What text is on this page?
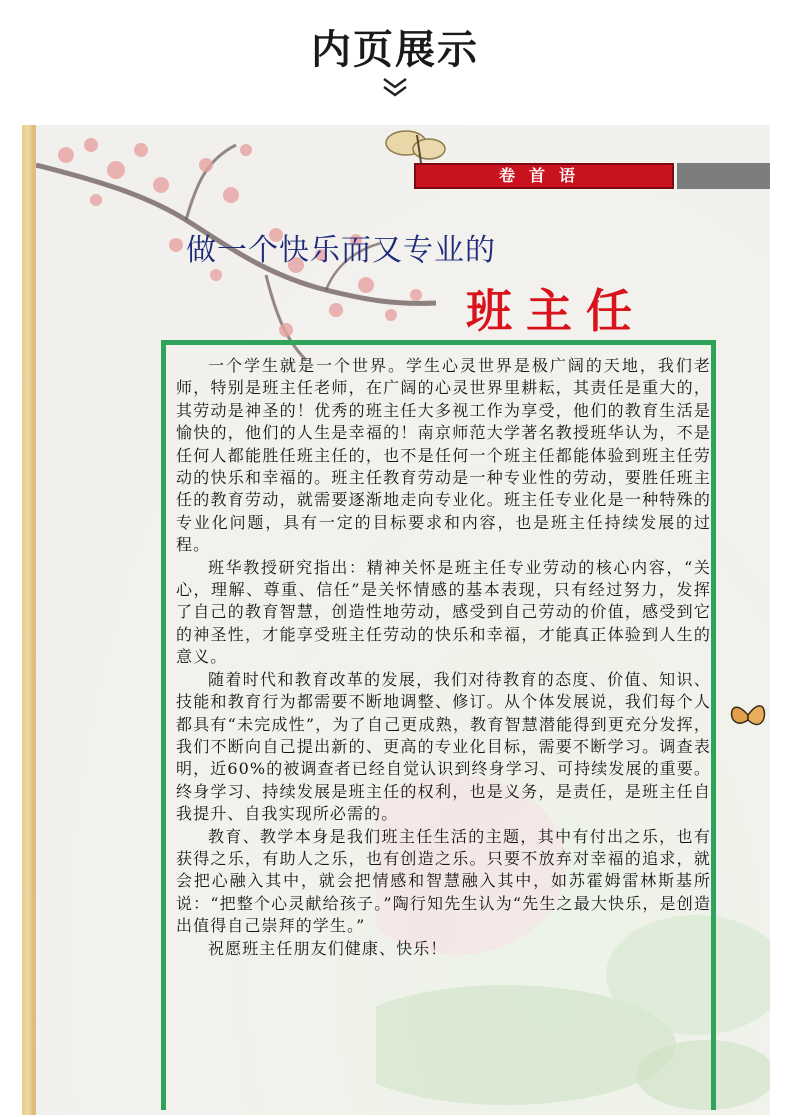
内页展示
卷首语
做一个快乐而又专业的
班主任

一个学生就是一个世界。学生心灵世界是极广阔的天地，我们老师，特别是班主任老师，在广阔的心灵世界里耕耘，其责任是重大的，其劳动是神圣的！优秀的班主任大多视工作为享受，他们的教育生活是愉快的，他们的人生是幸福的！南京师范大学著名教授班华认为，不是任何人都能胜任班主任的，也不是任何一个班主任都能体验到班主任劳动的快乐和幸福的。班主任教育劳动是一种专业性的劳动，要胜任班主任的教育劳动，就需要逐渐地走向专业化。班主任专业化是一种特殊的专业化问题，具有一定的目标要求和内容，也是班主任持续发展的过程。

班华教授研究指出：精神关怀是班主任专业劳动的核心内容，“关心，理解、尊重、信任”是关怀情感的基本表现，只有经过努力，发挥了自己的教育智慧，创造性地劳动，感受到自己劳动的价值，感受到它的神圣性，才能享受班主任劳动的快乐和幸福，才能真正体验到人生的意义。

随着时代和教育改革的发展，我们对待教育的态度、价值、知识、技能和教育行为都需要不断地调整、修订。从个体发展说，我们每个人都具有“未完成性”，为了自己更成熟，教育智慧潜能得到更充分发挥，我们不断向自己提出新的、更高的专业化目标，需要不断学习。调查表明，近60%的被调查者已经自觉认识到终身学习、可持续发展的重要。终身学习、持续发展是班主任的权利，也是义务，是责任，是班主任自我提升、自我实现所必需的。

教育、教学本身是我们班主任生活的主题，其中有付出之乐，也有获得之乐，有助人之乐，也有创造之乐。只要不放弃对幸福的追求，就会把心融入其中，就会把情感和智慧融入其中，如苏霍姆雷林斯基所说：“把整个心灵献给孩子。”陶行知先生认为“先生之最大快乐，是创造出值得自己崇拜的学生。”

祝愿班主任朋友们健康、快乐！
